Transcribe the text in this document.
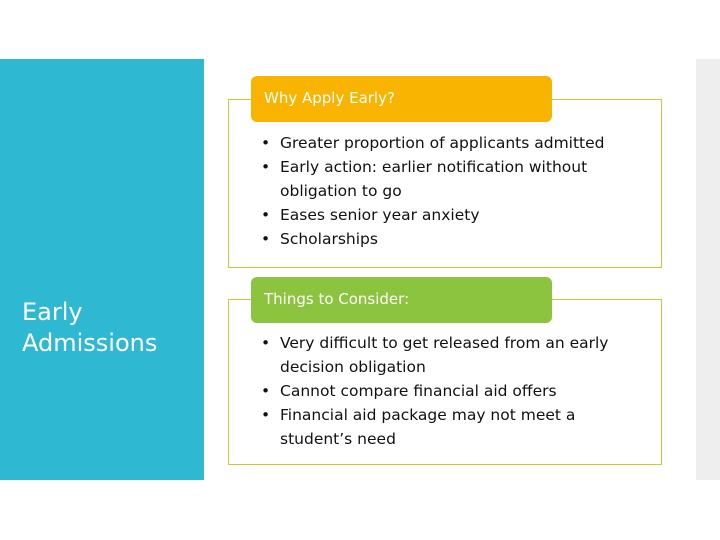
Early
Admissions
Why Apply Early?
• Greater proportion of applicants admitted
• Early action: earlier notification without obligation to go
• Eases senior year anxiety
• Scholarships
Things to Consider:
• Very difficult to get released from an early decision obligation
• Cannot compare financial aid offers
• Financial aid package may not meet a student’s need
